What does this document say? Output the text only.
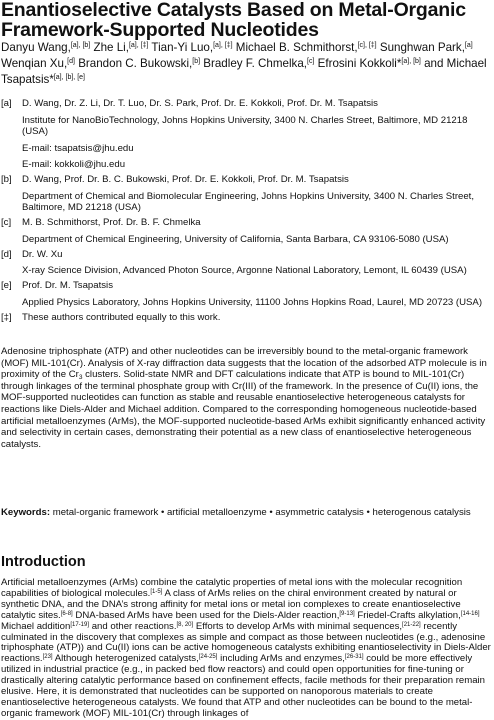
Enantioselective Catalysts Based on Metal-Organic Framework-Supported Nucleotides

Danyu Wang,[a], [b] Zhe Li,[a], [‡] Tian-Yi Luo,[a], [‡] Michael B. Schmithorst,[c], [‡] Sunghwan Park,[a] Wenqian Xu,[d] Brandon C. Bukowski,[b] Bradley F. Chmelka,[c] Efrosini Kokkoli*[a], [b] and Michael Tsapatsis*[a], [b], [e]

[a] D. Wang, Dr. Z. Li, Dr. T. Luo, Dr. S. Park, Prof. Dr. E. Kokkoli, Prof. Dr. M. Tsapatsis

Institute for NanoBioTechnology, Johns Hopkins University, 3400 N. Charles Street, Baltimore, MD 21218 (USA)

E-mail: tsapatsis@jhu.edu

E-mail: kokkoli@jhu.edu

[b] D. Wang, Prof. Dr. B. C. Bukowski, Prof. Dr. E. Kokkoli, Prof. Dr. M. Tsapatsis

Department of Chemical and Biomolecular Engineering, Johns Hopkins University, 3400 N. Charles Street, Baltimore, MD 21218 (USA)

[c] M. B. Schmithorst, Prof. Dr. B. F. Chmelka

Department of Chemical Engineering, University of California, Santa Barbara, CA 93106-5080 (USA)

[d] Dr. W. Xu

X-ray Science Division, Advanced Photon Source, Argonne National Laboratory, Lemont, IL 60439 (USA)

[e] Prof. Dr. M. Tsapatsis

Applied Physics Laboratory, Johns Hopkins University, 11100 Johns Hopkins Road, Laurel, MD 20723 (USA)

[‡] These authors contributed equally to this work.

Adenosine triphosphate (ATP) and other nucleotides can be irreversibly bound to the metal-organic framework (MOF) MIL-101(Cr). Analysis of X-ray diffraction data suggests that the location of the adsorbed ATP molecule is in proximity of the $Cr_3$ clusters. Solid-state NMR and DFT calculations indicate that ATP is bound to MIL-101(Cr) through linkages of the terminal phosphate group with Cr(III) of the framework. In the presence of Cu(II) ions, the MOF-supported nucleotides can function as stable and reusable enantioselective heterogeneous catalysts for reactions like Diels-Alder and Michael addition. Compared to the corresponding homogeneous nucleotide-based artificial metalloenzymes (ArMs), the MOF-supported nucleotide-based ArMs exhibit significantly enhanced activity and selectivity in certain cases, demonstrating their potential as a new class of enantioselective heterogeneous catalysts.

Keywords: metal-organic framework • artificial metalloenzyme • asymmetric catalysis • heterogenous catalysis

Introduction

Artificial metalloenzymes (ArMs) combine the catalytic properties of metal ions with the molecular recognition capabilities of biological molecules.[1-5] A class of ArMs relies on the chiral environment created by natural or synthetic DNA, and the DNA’s strong affinity for metal ions or metal ion complexes to create enantioselective catalytic sites.[6-8] DNA-based ArMs have been used for the Diels-Alder reaction,[9-13] Friedel-Crafts alkylation,[14-16] Michael addition[17-19] and other reactions.[8, 20] Efforts to develop ArMs with minimal sequences,[21-22] recently culminated in the discovery that complexes as simple and compact as those between nucleotides (e.g., adenosine triphosphate (ATP)) and Cu(II) ions can be active homogeneous catalysts exhibiting enantioselectivity in Diels-Alder reactions.[23] Although heterogenized catalysts,[24-25] including ArMs and enzymes,[26-31] could be more effectively utilized in industrial practice (e.g., in packed bed flow reactors) and could open opportunities for fine-tuning or drastically altering catalytic performance based on confinement effects, facile methods for their preparation remain elusive. Here, it is demonstrated that nucleotides can be supported on nanoporous materials to create enantioselective heterogeneous catalysts. We found that ATP and other nucleotides can be bound to the metal-organic framework (MOF) MIL-101(Cr) through linkages of
